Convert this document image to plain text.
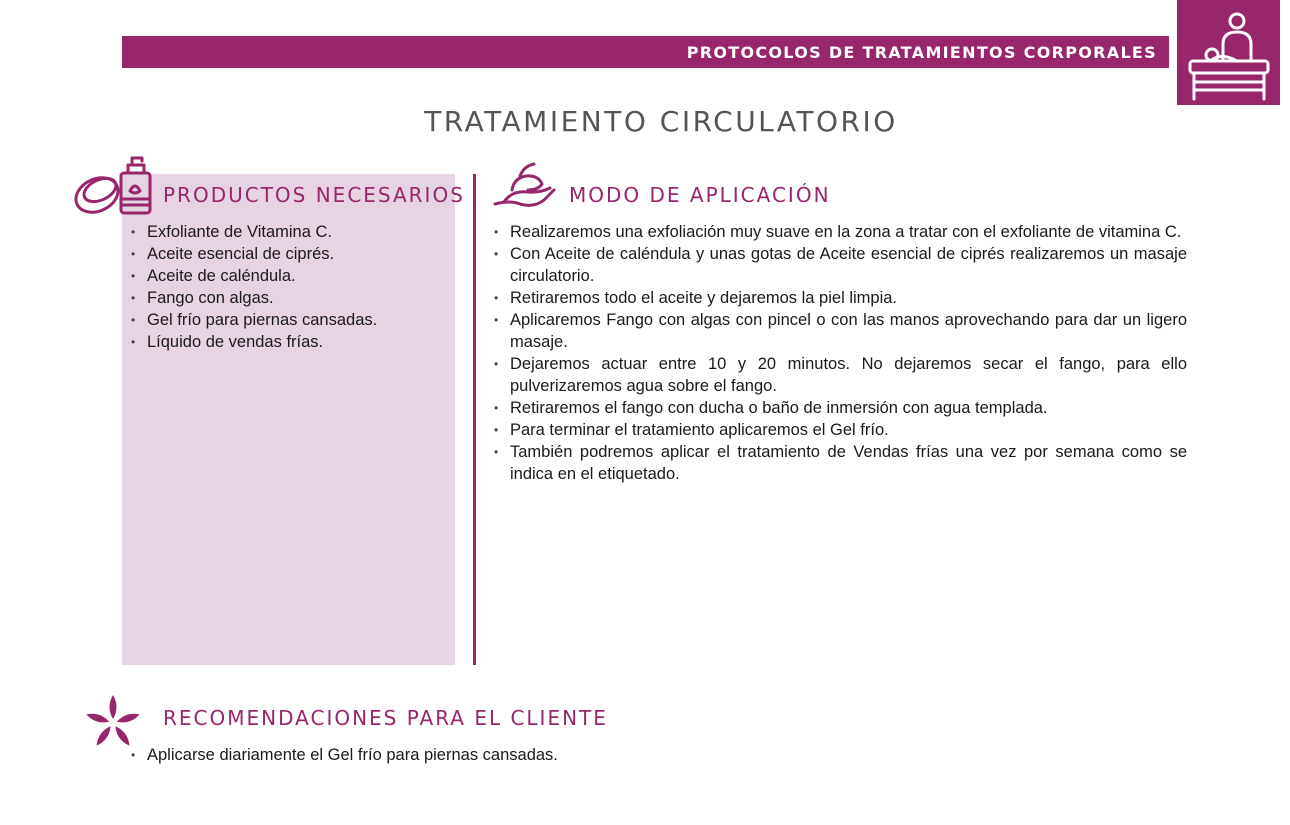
PROTOCOLOS DE TRATAMIENTOS CORPORALES
TRATAMIENTO CIRCULATORIO
PRODUCTOS NECESARIOS
• Exfoliante de Vitamina C.
• Aceite esencial de ciprés.
• Aceite de caléndula.
• Fango con algas.
• Gel frío para piernas cansadas.
• Líquido de vendas frías.
MODO DE APLICACIÓN
• Realizaremos una exfoliación muy suave en la zona a tratar con el exfoliante de vitamina C.
• Con Aceite de caléndula y unas gotas de Aceite esencial de ciprés realizaremos un masaje circulatorio.
• Retiraremos todo el aceite y dejaremos la piel limpia.
• Aplicaremos Fango con algas con pincel o con las manos aprovechando para dar un ligero masaje.
• Dejaremos actuar entre 10 y 20 minutos. No dejaremos secar el fango, para ello pulverizaremos agua sobre el fango.
• Retiraremos el fango con ducha o baño de inmersión con agua templada.
• Para terminar el tratamiento aplicaremos el Gel frío.
• También podremos aplicar el tratamiento de Vendas frías una vez por semana como se indica en el etiquetado.
RECOMENDACIONES PARA EL CLIENTE
• Aplicarse diariamente el Gel frío para piernas cansadas.
